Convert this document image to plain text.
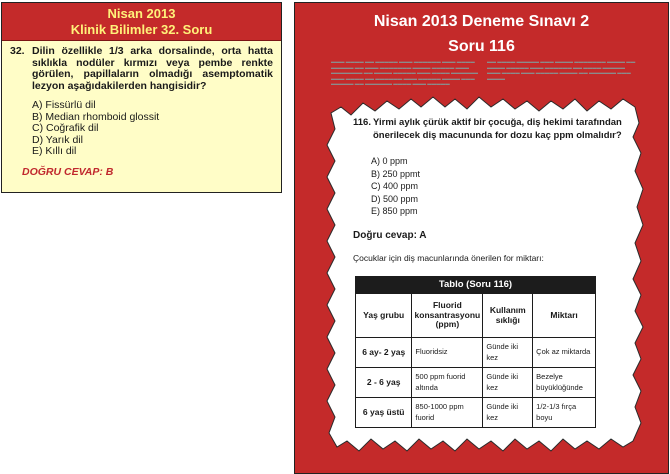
Nisan 2013
Klinik Bilimler 32. Soru
32. Dilin özellikle 1/3 arka dorsalinde, orta hatta sıklıkla nodüler kırmızı veya pembe renkte görülen, papillaların olmadığı asemptomatik lezyon aşağıdakilerden hangisidir?
A) Fissürlü dil
B) Median rhomboid glossit
C) Coğrafik dil
D) Yarık dil
E) Kıllı dil
DOĞRU CEVAP: B
Nisan 2013 Deneme Sınavı 2
Soru 116
▬▬▬ ▬▬▬▬ ▬▬ ▬▬▬▬▬ ▬▬▬ ▬▬▬▬▬▬ ▬▬▬ ▬▬▬▬ ▬▬▬▬▬ ▬▬ ▬▬▬ ▬▬▬▬▬▬▬ ▬▬▬▬ ▬▬▬▬▬ ▬▬▬ ▬▬▬▬▬▬▬ ▬▬ ▬▬▬▬ ▬▬▬▬▬ ▬▬▬ ▬▬▬▬ ▬▬▬▬▬▬ ▬▬▬ ▬▬▬▬ ▬▬ ▬▬▬▬▬▬ ▬▬▬ ▬▬▬▬▬ ▬▬▬▬ ▬▬▬ ▬▬▬▬▬ ▬▬ ▬▬▬▬▬▬ ▬▬▬▬ ▬▬▬ ▬▬▬▬▬
▬▬ ▬▬▬▬ ▬▬▬▬▬ ▬▬▬ ▬▬▬▬ ▬▬▬▬▬▬▬ ▬▬▬▬ ▬▬ ▬▬▬▬ ▬▬▬▬▬ ▬▬▬ ▬▬▬▬▬▬ ▬▬ ▬▬▬▬ ▬▬▬▬▬ ▬▬▬ ▬▬▬▬ ▬▬▬ ▬▬▬▬▬ ▬▬▬▬ ▬▬ ▬▬▬▬▬▬ ▬▬▬ ▬▬▬▬
116. Yirmi aylık çürük aktif bir çocuğa, diş hekimi tarafından önerilecek diş macununda for dozu kaç ppm olmalıdır?
A) 0 ppm
B) 250 ppmt
C) 400 ppm
D) 500 ppm
E) 850 ppm
Doğru cevap: A
Çocuklar için diş macunlarında önerilen for miktarı:
Tablo (Soru 116)
Yaş grubu	Fluorid konsantrasyonu (ppm)	Kullanım sıklığı	Miktarı
6 ay- 2 yaş	Fluoridsiz	Günde iki kez	Çok az miktarda
2 - 6 yaş	500 ppm fuorid altında	Günde iki kez	Bezelye büyüklüğünde
6 yaş üstü	850-1000 ppm fuorid	Günde iki kez	1/2-1/3 fırça boyu
